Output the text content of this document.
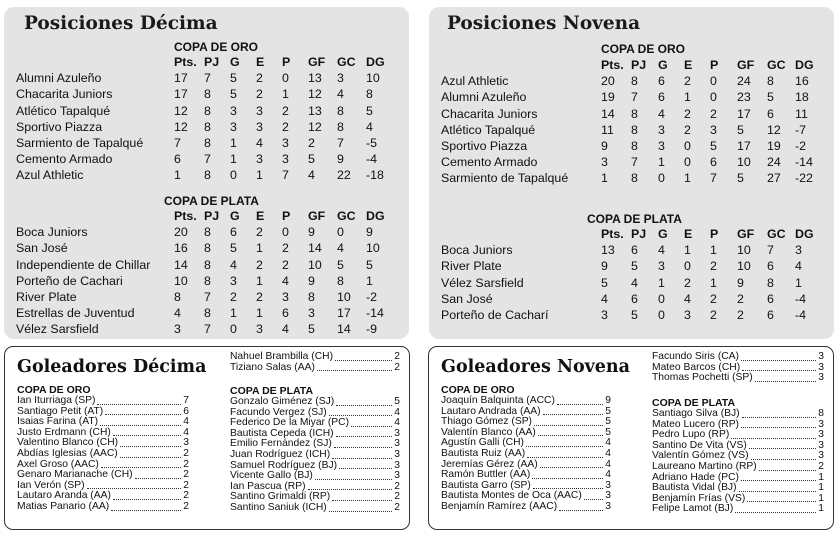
Posiciones Décima
COPA DE ORO
	Pts.	PJ	G	E	P	GF	GC	DG
Alumni Azuleño	17	7	5	2	0	13	3	10
Chacarita Juniors	17	8	5	2	1	12	4	8
Atlético Tapalqué	12	8	3	3	2	13	8	5
Sportivo Piazza	12	8	3	3	2	12	8	4
Sarmiento de Tapalqué	7	8	1	4	3	2	7	-5
Cemento Armado	6	7	1	3	3	5	9	-4
Azul Athletic	1	8	0	1	7	4	22	-18
COPA DE PLATA
	Pts.	PJ	G	E	P	GF	GC	DG
Boca Juniors	20	8	6	2	0	9	0	9
San José	16	8	5	1	2	14	4	10
Independiente de Chillar	14	8	4	2	2	10	5	5
Porteño de Cachari	10	8	3	1	4	9	8	1
River Plate	8	7	2	2	3	8	10	-2
Estrellas de Juventud	4	8	1	1	6	3	17	-14
Vélez Sarsfield	3	7	0	3	4	5	14	-9
Posiciones Novena
COPA DE ORO
	Pts.	PJ	G	E	P	GF	GC	DG
Azul Athletic	20	8	6	2	0	24	8	16
Alumni Azuleño	19	7	6	1	0	23	5	18
Chacarita Juniors	14	8	4	2	2	17	6	11
Atlético Tapalqué	11	8	3	2	3	5	12	-7
Sportivo Piazza	9	8	3	0	5	17	19	-2
Cemento Armado	3	7	1	0	6	10	24	-14
Sarmiento de Tapalqué	1	8	0	1	7	5	27	-22
COPA DE PLATA
	Pts.	PJ	G	E	P	GF	GC	DG
Boca Juniors	13	6	4	1	1	10	7	3
River Plate	9	5	3	0	2	10	6	4
Vélez Sarsfield	5	4	1	2	1	9	8	1
San José	4	6	0	4	2	2	6	-4
Porteño de Cacharí	3	5	0	3	2	2	6	-4
Goleadores Décima
COPA DE ORO
Ian Iturriaga (SP)	7
Santiago Petit (AT)	6
Isaias Farina (AT)	4
Justo Erdmann (CH)	4
Valentino Blanco (CH)	3
Abdías Iglesias (AAC)	2
Axel Groso (AAC)	2
Genaro Marianache (CH)	2
Ian Verón (SP)	2
Lautaro Aranda (AA)	2
Matias Panario (AA)	2
Nahuel Brambilla (CH)	2
Tiziano Salas (AA)	2
COPA DE PLATA
Gonzalo Giménez (SJ)	5
Facundo Vergez (SJ)	4
Federico De la Miyar (PC)	4
Bautista Cepeda (ICH)	3
Emilio Fernández (SJ)	3
Juan Rodríguez (ICH)	3
Samuel Rodríguez (BJ)	3
Vicente Gallo (BJ)	3
Ian Pascua (RP)	2
Santino Grimaldi (RP)	2
Santino Saniuk (ICH)	2
Goleadores Novena
COPA DE ORO
Joaquín Balquinta (ACC)	9
Lautaro Andrada (AA)	5
Thiago Gómez (SP)	5
Valentín Blanco (AA)	5
Agustín Galli (CH)	4
Bautista Ruiz (AA)	4
Jeremías Gérez (AA)	4
Ramón Buttler (AA)	4
Bautista Garro (SP)	3
Bautista Montes de Oca (AAC) 3
Benjamín Ramírez (AAC)	3
Facundo Siris (CA)	3
Mateo Barcos (CH)	3
Thomas Pochetti (SP)	3
COPA DE PLATA
Santiago Silva (BJ)	8
Mateo Lucero (RP)	3
Pedro Lupo (RP)	3
Santino De Vita (VS)	3
Valentín Gómez (VS)	3
Laureano Martino (RP)	2
Adriano Hade (PC)	1
Bautista Vidal (BJ)	1
Benjamín Frías (VS)	1
Felipe Lamot (BJ)	1
